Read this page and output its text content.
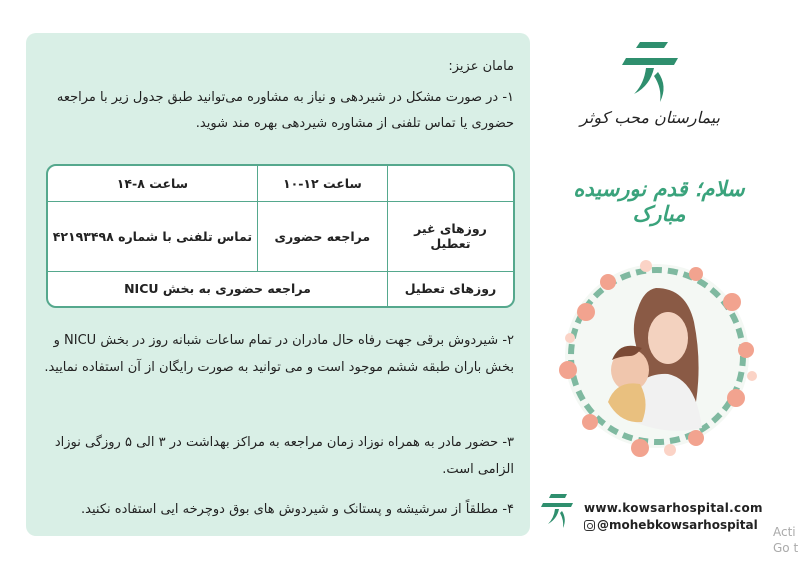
مامان عزیز:
۱- در صورت مشکل در شیردهی و نیاز به مشاوره می‌توانید طبق جدول زیر با مراجعه حضوری یا تماس تلفنی از مشاوره شیردهی بهره مند شوید.
	ساعت ۱۲-۱۰	ساعت ۸-۱۴
روزهای غیر تعطیل	مراجعه حضوری	تماس تلفنی با شماره ۴۲۱۹۳۴۹۸
روزهای تعطیل	مراجعه حضوری به بخش NICU	
۲- شیردوش برقی جهت رفاه حال مادران در تمام ساعات شبانه روز در بخش NICU و بخش باران طبقه ششم موجود است و می توانید به صورت رایگان از آن استفاده نمایید.
۳- حضور مادر به همراه نوزاد زمان مراجعه به مراکز بهداشت در ۳ الی ۵ روزگی نوزاد الزامی است.
۴- مطلقاً از سرشیشه و پستانک و شیردوش های بوق دوچرخه ایی استفاده نکنید.
بیمارستان محب کوثر
سلام؛ قدم نورسیده مبارک
www.kowsarhospital.com
@mohebkowsarhospital Acti
Go t
